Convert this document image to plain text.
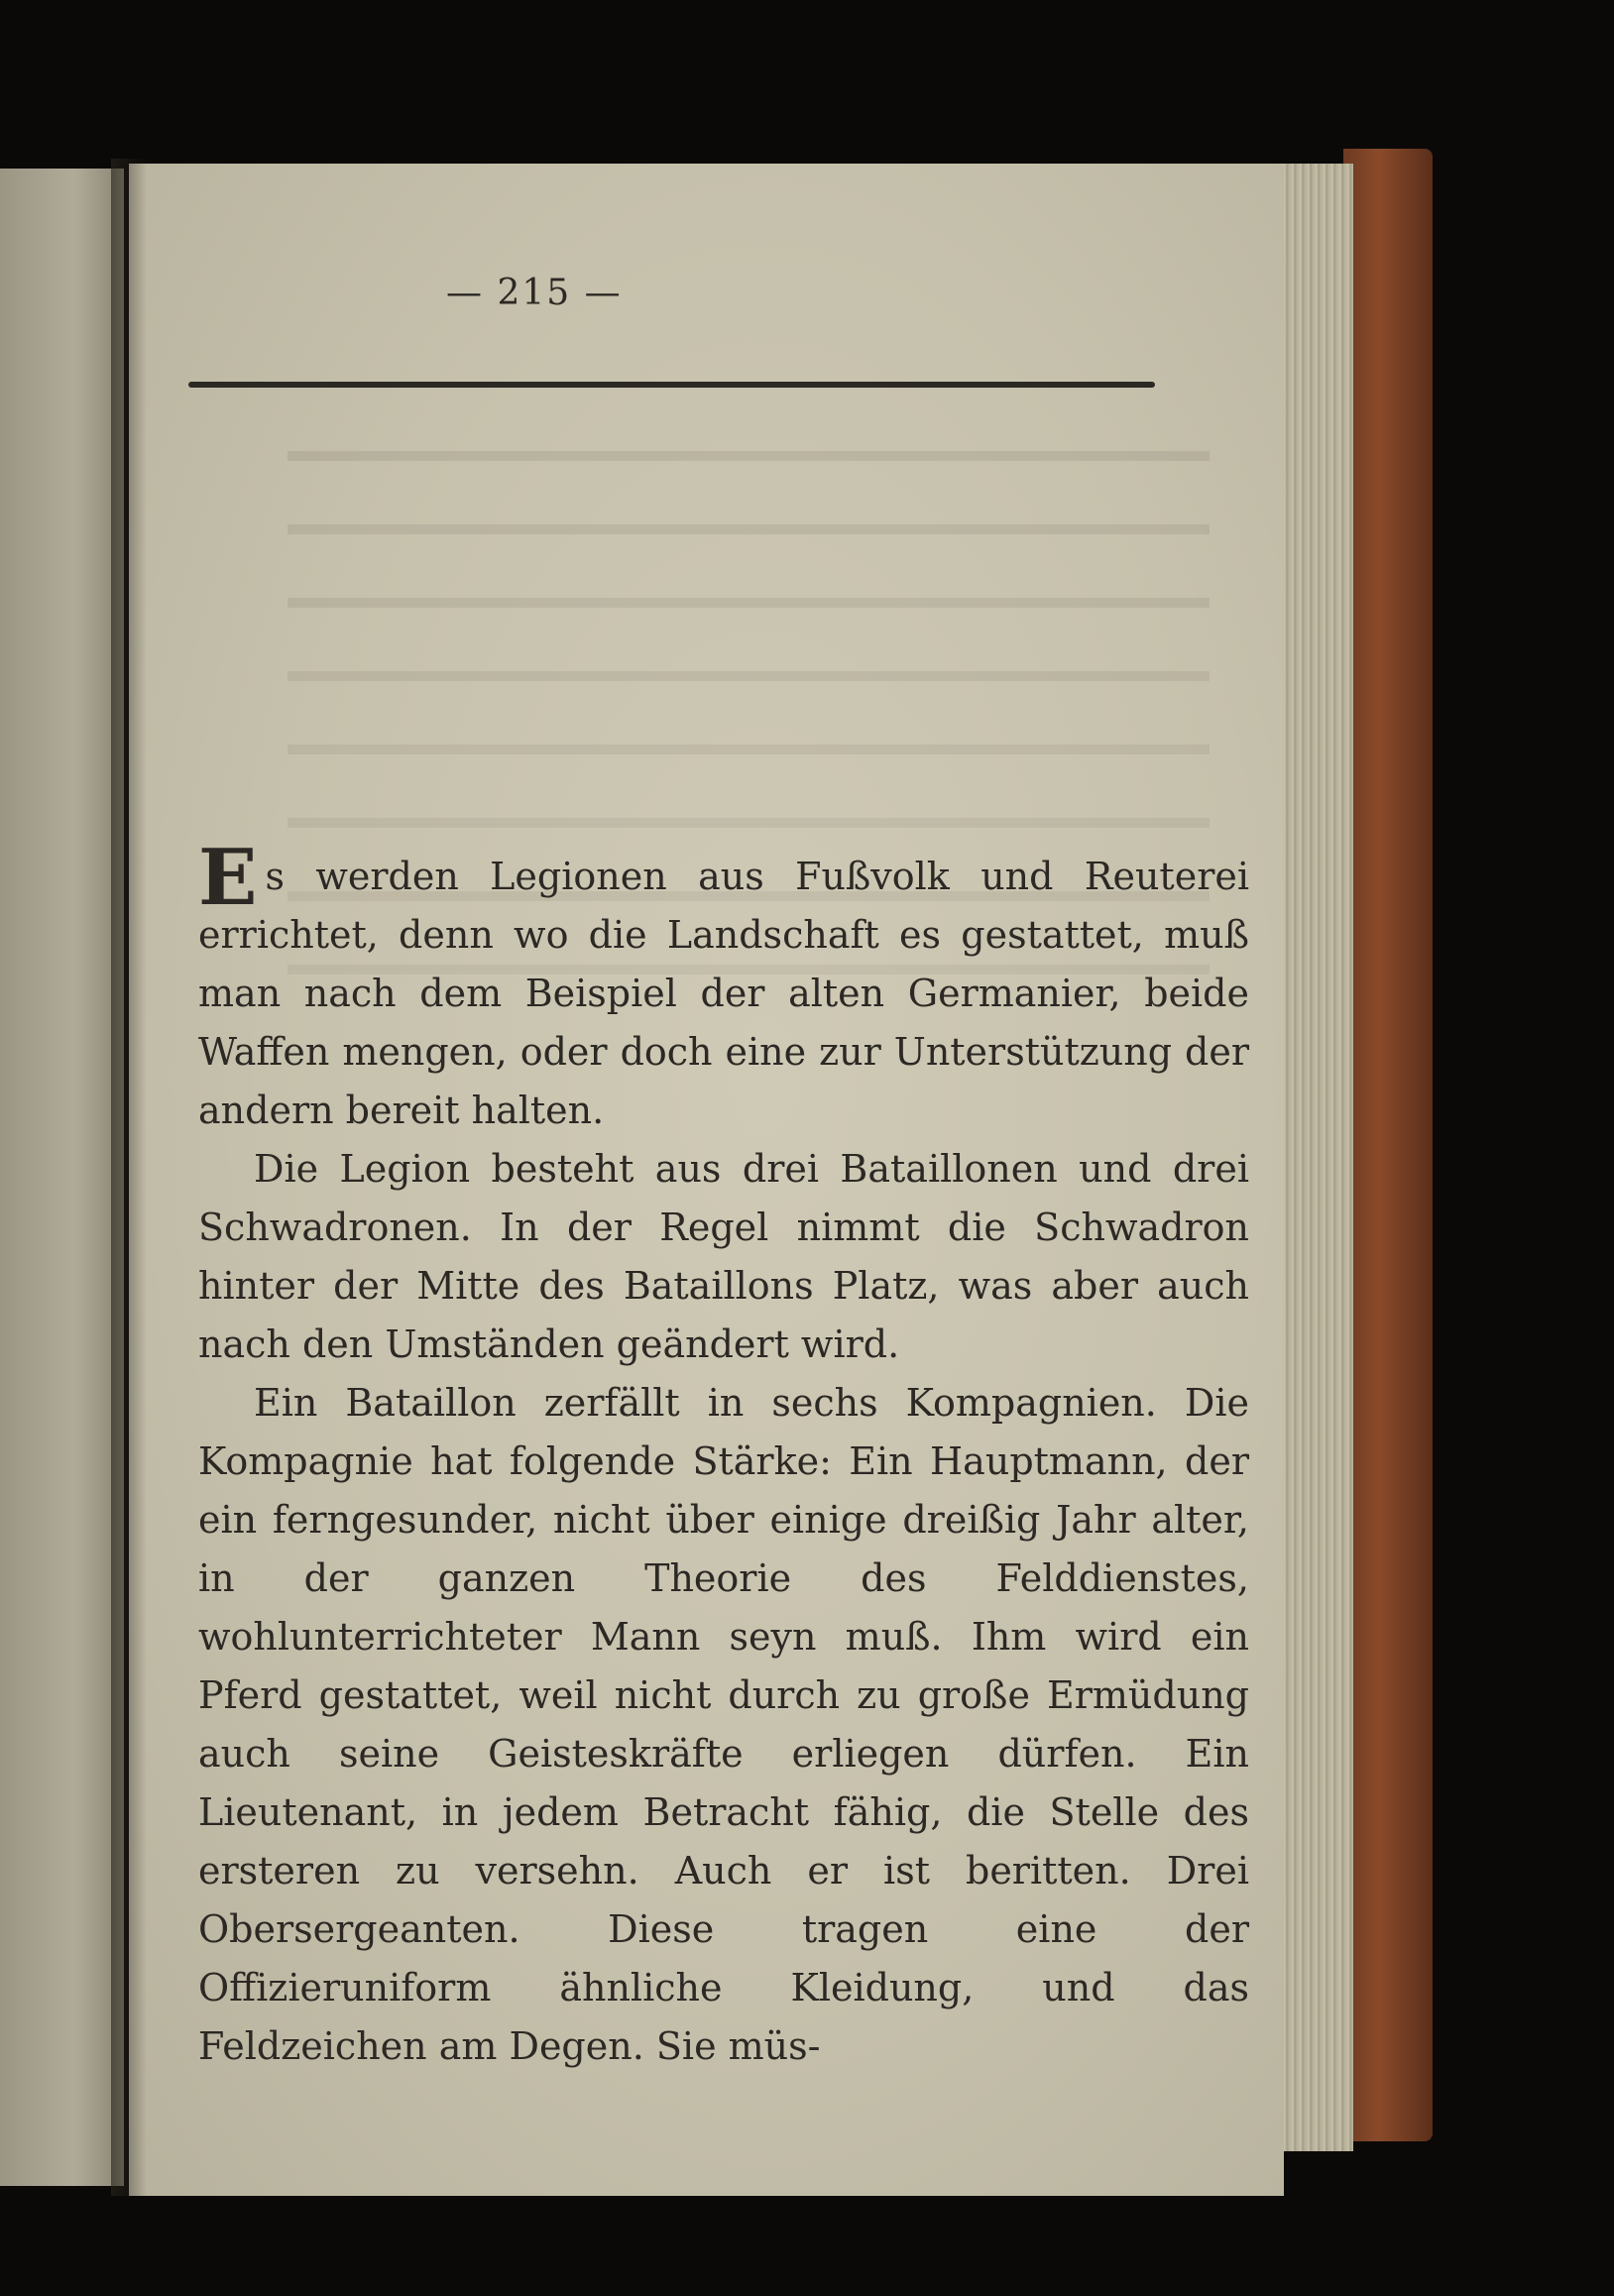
— 215 —

Es werden Legionen aus Fußvolk und Reuterei errichtet, denn wo die Landschaft es gestattet, muß man nach dem Beispiel der alten Germanier, beide Waffen mengen, oder doch eine zur Unterstützung der andern bereit halten.

Die Legion besteht aus drei Bataillonen und drei Schwadronen. In der Regel nimmt die Schwadron hinter der Mitte des Bataillons Platz, was aber auch nach den Umständen geändert wird.

Ein Bataillon zerfällt in sechs Kompagnien. Die Kompagnie hat folgende Stärke: Ein Hauptmann, der ein ferngesunder, nicht über einige dreißig Jahr alter, in der ganzen Theorie des Felddienstes, wohlunterrichteter Mann seyn muß. Ihm wird ein Pferd gestattet, weil nicht durch zu große Ermüdung auch seine Geisteskräfte erliegen dürfen. Ein Lieutenant, in jedem Betracht fähig, die Stelle des ersteren zu versehn. Auch er ist beritten. Drei Obersergeanten. Diese tragen eine der Offizieruniform ähnliche Kleidung, und das Feldzeichen am Degen. Sie müs-
